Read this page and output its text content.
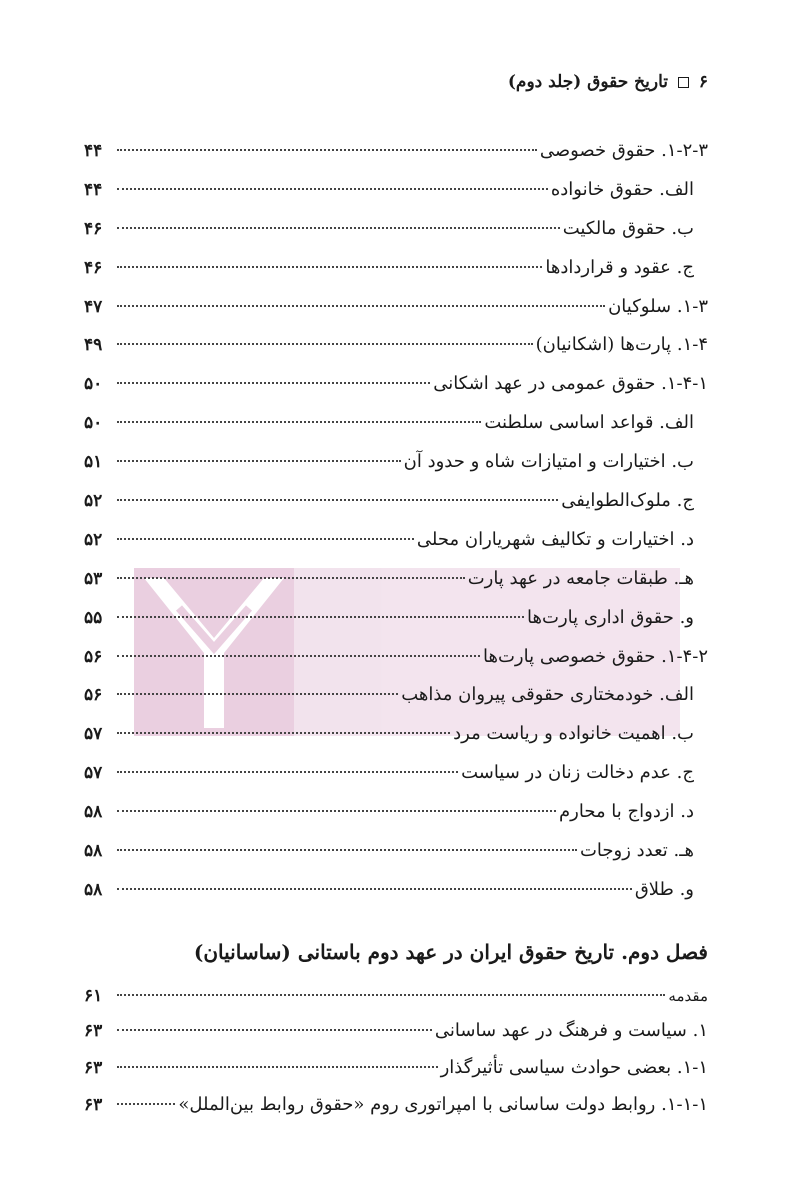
۶  تاریخ حقوق (جلد دوم)
۱-۲-۳. حقوق خصوصی
۴۴
الف. حقوق خانواده
۴۴
ب. حقوق مالکیت
۴۶
ج. عقود و قراردادها
۴۶
۱-۳. سلوکیان
۴۷
۱-۴. پارت‌ها (اشکانیان)
۴۹
۱-۴-۱. حقوق عمومی در عهد اشکانی
۵۰
الف. قواعد اساسی سلطنت
۵۰
ب. اختیارات و امتیازات شاه و حدود آن
۵۱
ج. ملوک‌الطوایفی
۵۲
د. اختیارات و تکالیف شهریاران محلی
۵۲
هـ. طبقات جامعه در عهد پارت
۵۳
و. حقوق اداری پارت‌ها
۵۵
۱-۴-۲. حقوق خصوصی پارت‌ها
۵۶
الف. خودمختاری حقوقی پیروان مذاهب
۵۶
ب. اهمیت خانواده و ریاست مرد
۵۷
ج. عدم دخالت زنان در سیاست
۵۷
د. ازدواج با محارم
۵۸
هـ. تعدد زوجات
۵۸
و. طلاق
۵۸
فصل دوم. تاریخ حقوق ایران در عهد دوم باستانی (ساسانیان)
مقدمه
۶۱
۱. سیاست و فرهنگ در عهد ساسانی
۶۳
۱-۱. بعضی حوادث سیاسی تأثیرگذار
۶۳
۱-۱-۱. روابط دولت ساسانی با امپراتوری روم «حقوق روابط بین‌الملل»
۶۳
